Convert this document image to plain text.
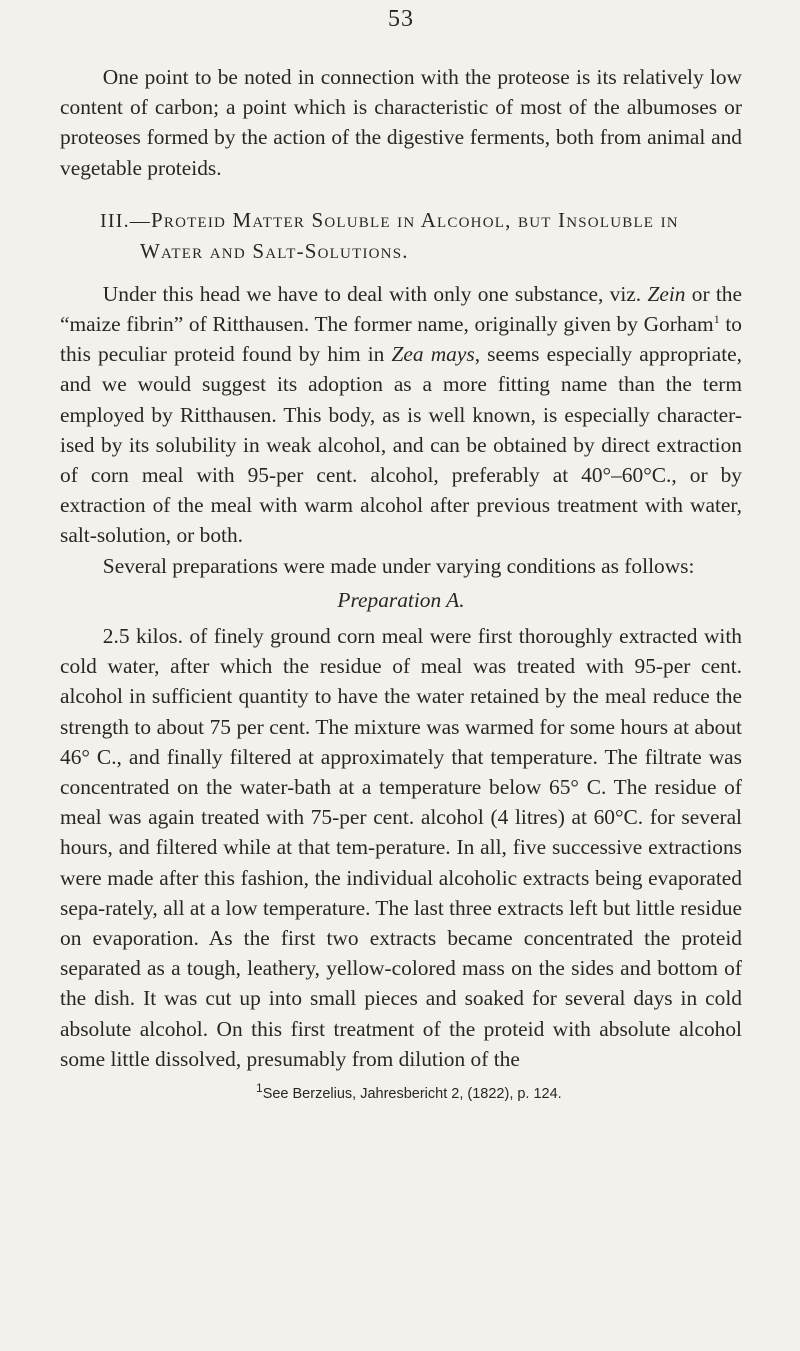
53

One point to be noted in connection with the proteose is its relatively low content of carbon; a point which is characteristic of most of the albumoses or proteoses formed by the action of the digestive ferments, both from animal and vegetable proteids.

III.—Proteid Matter Soluble in Alcohol, but Insoluble in Water and Salt-Solutions.

Under this head we have to deal with only one substance, viz. Zein or the “maize fibrin” of Ritthausen. The former name, originally given by Gorham$^1$ to this peculiar proteid found by him in Zea mays, seems especially appropriate, and we would suggest its adoption as a more fitting name than the term employed by Ritthausen. This body, as is well known, is especially character-ised by its solubility in weak alcohol, and can be obtained by direct extraction of corn meal with 95-per cent. alcohol, preferably at 40°–60°C., or by extraction of the meal with warm alcohol after previous treatment with water, salt-solution, or both.

Several preparations were made under varying conditions as follows:

Preparation A.

2.5 kilos. of finely ground corn meal were first thoroughly extracted with cold water, after which the residue of meal was treated with 95-per cent. alcohol in sufficient quantity to have the water retained by the meal reduce the strength to about 75 per cent. The mixture was warmed for some hours at about 46° C., and finally filtered at approximately that temperature. The filtrate was concentrated on the water-bath at a temperature below 65° C. The residue of meal was again treated with 75-per cent. alcohol (4 litres) at 60°C. for several hours, and filtered while at that tem-perature. In all, five successive extractions were made after this fashion, the individual alcoholic extracts being evaporated sepa-rately, all at a low temperature. The last three extracts left but little residue on evaporation. As the first two extracts became concentrated the proteid separated as a tough, leathery, yellow-colored mass on the sides and bottom of the dish. It was cut up into small pieces and soaked for several days in cold absolute alcohol. On this first treatment of the proteid with absolute alcohol some little dissolved, presumably from dilution of the

$^1$See Berzelius, Jahresbericht 2, (1822), p. 124.
